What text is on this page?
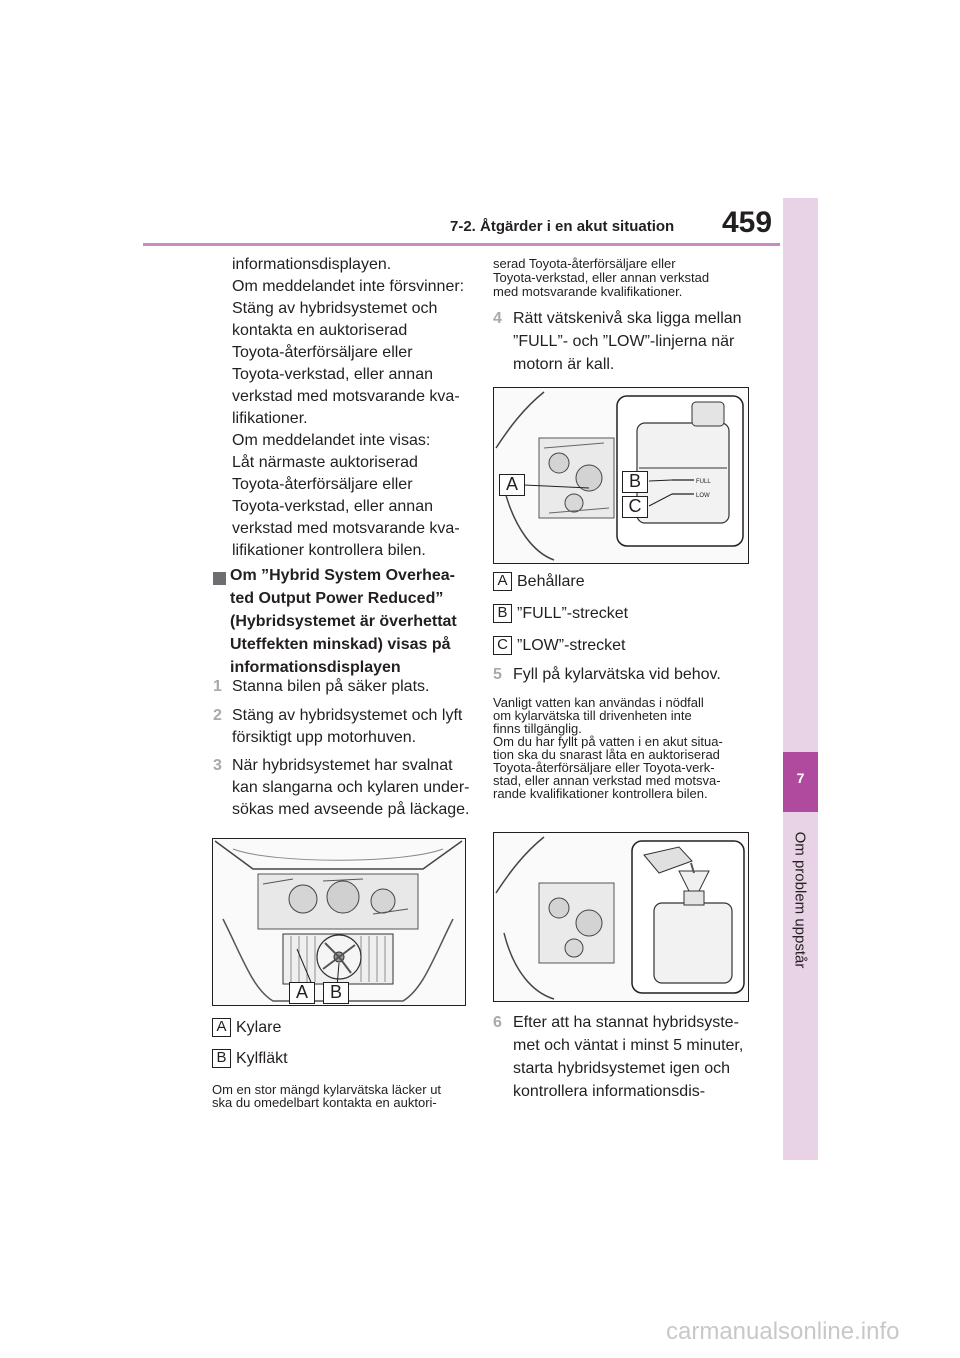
7-2. Åtgärder i en akut situation 459
7
Om problem uppstår
informationsdisplayen.
Om meddelandet inte försvinner:
Stäng av hybridsystemet och
kontakta en auktoriserad
Toyota-återförsäljare eller
Toyota-verkstad, eller annan
verkstad med motsvarande kva-
lifikationer.
Om meddelandet inte visas:
Låt närmaste auktoriserad
Toyota-återförsäljare eller
Toyota-verkstad, eller annan
verkstad med motsvarande kva-
lifikationer kontrollera bilen.
Om ”Hybrid System Overhea-
ted Output Power Reduced”
(Hybridsystemet är överhettat
Uteffekten minskad) visas på
informationsdisplayen
1 Stanna bilen på säker plats.
2 Stäng av hybridsystemet och lyft
försiktigt upp motorhuven.
3 När hybridsystemet har svalnat
kan slangarna och kylaren under-
sökas med avseende på läckage.
A	B
A Kylare
B Kylfläkt
Om en stor mängd kylarvätska läcker ut
ska du omedelbart kontakta en auktori-
serad Toyota-återförsäljare eller
Toyota-verkstad, eller annan verkstad
med motsvarande kvalifikationer.
4 Rätt vätskenivå ska ligga mellan
”FULL”- och ”LOW”-linjerna när
motorn är kall.
FULL
LOW
A	B
C
A Behållare
B ”FULL”-strecket
C ”LOW”-strecket
5 Fyll på kylarvätska vid behov.
Vanligt vatten kan användas i nödfall
om kylarvätska till drivenheten inte
finns tillgänglig.
Om du har fyllt på vatten i en akut situa-
tion ska du snarast låta en auktoriserad
Toyota-återförsäljare eller Toyota-verk-
stad, eller annan verkstad med motsva-
rande kvalifikationer kontrollera bilen.
6 Efter att ha stannat hybridsyste-
met och väntat i minst 5 minuter,
starta hybridsystemet igen och
kontrollera informationsdis-
carmanualsonline.info
